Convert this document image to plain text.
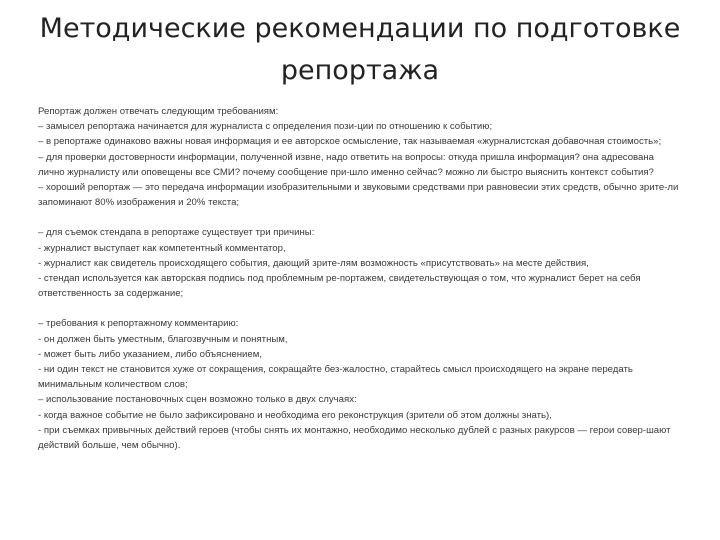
Методические рекомендации по подготовке
репортажа

Репортаж должен отвечать следующим требованиям:

– замысел репортажа начинается для журналиста с определения пози-ции по отношению к событию;

– в репортаже одинаково важны новая информация и ее авторское осмысление, так называемая «журналистская добавочная стоимость»;

– для проверки достоверности информации, полученной извне, надо ответить на вопросы: откуда пришла информация? она адресована лично журналисту или оповещены все СМИ? почему сообщение при-шло именно сейчас? можно ли быстро выяснить контекст события?

– хороший репортаж — это передача информации изобразительными и звуковыми средствами при равновесии этих средств, обычно зрите-ли запоминают 80% изображения и 20% текста;

– для съемок стендапа в репортаже существует три причины:

- журналист выступает как компетентный комментатор,

- журналист как свидетель происходящего события, дающий зрите-лям возможность «присутствовать» на месте действия,

- стендап используется как авторская подпись под проблемным ре-портажем, свидетельствующая о том, что журналист берет на себя ответственность за содержание;

– требования к репортажному комментарию:

- он должен быть уместным, благозвучным и понятным,

- может быть либо указанием, либо объяснением,

- ни один текст не становится хуже от сокращения, сокращайте без-жалостно, старайтесь смысл происходящего на экране передать минимальным количеством слов;

– использование постановочных сцен возможно только в двух случаях:

- когда важное событие не было зафиксировано и необходима его реконструкция (зрители об этом должны знать),

- при съемках привычных действий героев (чтобы снять их монтажно, необходимо несколько дублей с разных ракурсов — герои совер-шают действий больше, чем обычно).
